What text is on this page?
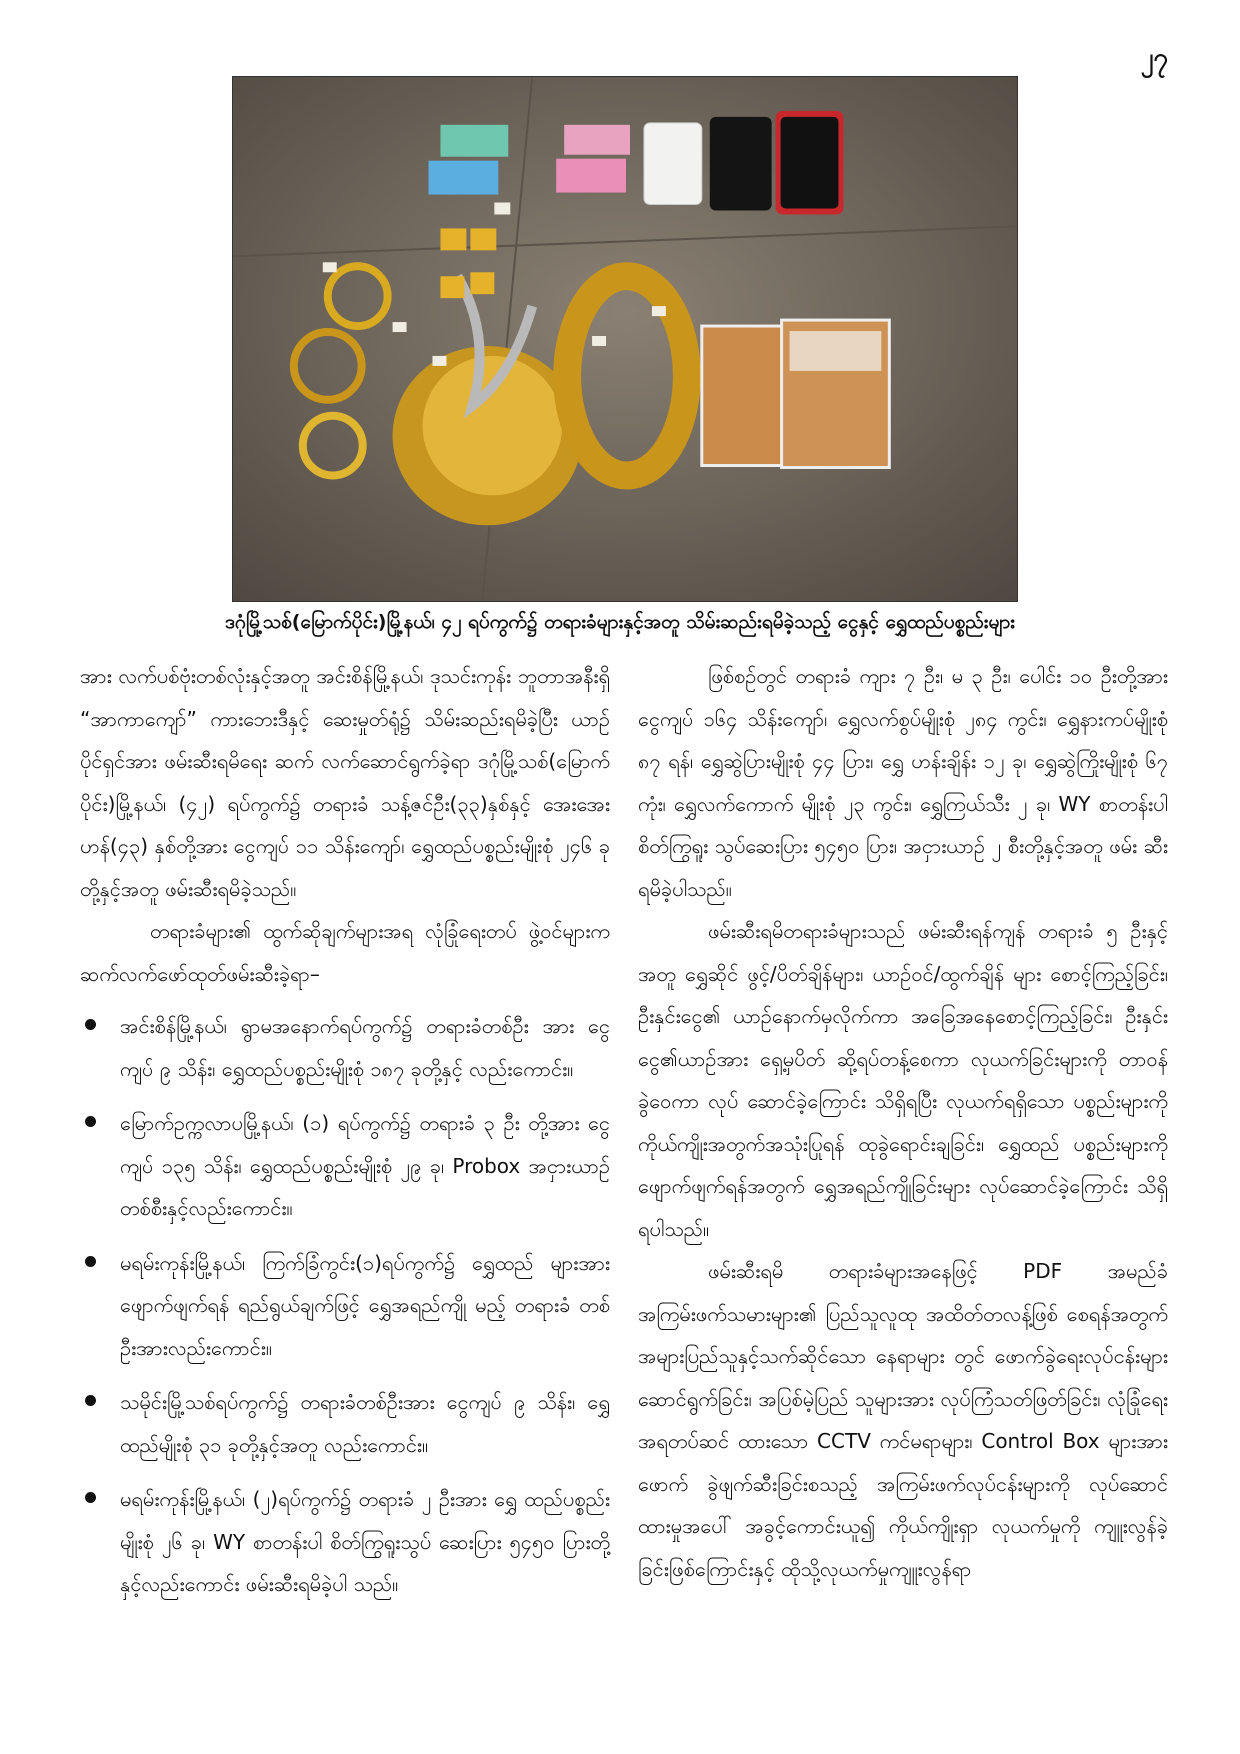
၂၇
ဒဂုံမြို့သစ်(မြောက်ပိုင်း)မြို့နယ်၊ ၄၂ ရပ်ကွက်၌ တရားခံများနှင့်အတူ သိမ်းဆည်းရမိခဲ့သည့် ငွေနှင့် ရွှေထည်ပစ္စည်းများ

အား လက်ပစ်ဗုံးတစ်လုံးနှင့်အတူ အင်းစိန်မြို့နယ်၊ ဒုသင်းကုန်း ဘူတာအနီးရှိ “အာကာကျော်” ကားဘေးဒီနှင့် ဆေးမှုတ်ရုံ၌ သိမ်းဆည်းရမိခဲ့ပြီး ယာဉ်ပိုင်ရှင်အား ဖမ်းဆီးရမိရေး ဆက် လက်ဆောင်ရွက်ခဲ့ရာ ဒဂုံမြို့သစ်(မြောက်ပိုင်း)မြို့နယ်၊ (၄၂) ရပ်ကွက်၌ တရားခံ သန့်ဇင်ဦး(၃၃)နှစ်နှင့် အေးအေးဟန်(၄၃) နှစ်တို့အား ငွေကျပ် ၁၁ သိန်းကျော်၊ ရွှေထည်ပစ္စည်းမျိုးစုံ ၂၄၆ ခုတို့နှင့်အတူ ဖမ်းဆီးရမိခဲ့သည်။

တရားခံများ၏ ထွက်ဆိုချက်များအရ လုံခြုံရေးတပ် ဖွဲ့ဝင်များက ဆက်လက်ဖော်ထုတ်ဖမ်းဆီးခဲ့ရာ–

အင်းစိန်မြို့နယ်၊ ရွာမအနောက်ရပ်ကွက်၌ တရားခံတစ်ဦး အား ငွေကျပ် ၉ သိန်း၊ ရွှေထည်ပစ္စည်းမျိုးစုံ ၁၈၇ ခုတို့နှင့် လည်းကောင်း။
မြောက်ဥက္ကလာပမြို့နယ်၊ (၁) ရပ်ကွက်၌ တရားခံ ၃ ဦး တို့အား ငွေကျပ် ၁၃၅ သိန်း၊ ရွှေထည်ပစ္စည်းမျိုးစုံ ၂၉ ခု၊ Probox အငှားယာဉ် တစ်စီးနှင့်လည်းကောင်း။
မရမ်းကုန်းမြို့နယ်၊ ကြက်ခြံကွင်း(၁)ရပ်ကွက်၌ ရွှေထည် များအား ဖျောက်ဖျက်ရန် ရည်ရွယ်ချက်ဖြင့် ရွှေအရည်ကျို မည့် တရားခံ တစ်ဦးအားလည်းကောင်း။
သမိုင်းမြို့သစ်ရပ်ကွက်၌ တရားခံတစ်ဦးအား ငွေကျပ် ၉ သိန်း၊ ရွှေထည်မျိုးစုံ ၃၁ ခုတို့နှင့်အတူ လည်းကောင်း။
မရမ်းကုန်းမြို့နယ်၊ (၂)ရပ်ကွက်၌ တရားခံ ၂ ဦးအား ရွှေ ထည်ပစ္စည်းမျိုးစုံ ၂၆ ခု၊ WY စာတန်းပါ စိတ်ကြွရူးသွပ် ဆေးပြား ၅၄၅၀ ပြားတို့နှင့်လည်းကောင်း ဖမ်းဆီးရမိခဲ့ပါ သည်။

ဖြစ်စဉ်တွင် တရားခံ ကျား ၇ ဦး၊ မ ၃ ဦး၊ ပေါင်း ၁၀ ဦးတို့အား ငွေကျပ် ၁၆၄ သိန်းကျော်၊ ရွှေလက်စွပ်မျိုးစုံ ၂၈၄ ကွင်း၊ ရွှေနားကပ်မျိုးစုံ ၈၇ ရန်၊ ရွှေဆွဲပြားမျိုးစုံ ၄၄ ပြား၊ ရွှေ ဟန်းချိန်း ၁၂ ခု၊ ရွှေဆွဲကြိုးမျိုးစုံ ၆၇ ကုံး၊ ရွှေလက်ကောက် မျိုးစုံ ၂၃ ကွင်း၊ ရွှေကြယ်သီး ၂ ခု၊ WY စာတန်းပါ စိတ်ကြွရူး သွပ်ဆေးပြား ၅၄၅၀ ပြား၊ အငှားယာဉ် ၂ စီးတို့နှင့်အတူ ဖမ်း ဆီးရမိခဲ့ပါသည်။

ဖမ်းဆီးရမိတရားခံများသည် ဖမ်းဆီးရန်ကျန် တရားခံ ၅ ဦးနှင့်အတူ ရွှေဆိုင် ဖွင့်/ပိတ်ချိန်များ၊ ယာဉ်ဝင်/ထွက်ချိန် များ စောင့်ကြည့်ခြင်း၊ ဦးနှင်းငွေ၏ ယာဉ်နောက်မှလိုက်ကာ အခြေအနေစောင့်ကြည့်ခြင်း၊ ဦးနှင်းငွေ၏ယာဉ်အား ရှေ့မှပိတ် ဆို့ရပ်တန့်စေကာ လုယက်ခြင်းများကို တာဝန်ခွဲဝေကာ လုပ် ဆောင်ခဲ့ကြောင်း သိရှိရပြီး လုယက်ရရှိသော ပစ္စည်းများကို ကိုယ်ကျိုးအတွက်အသုံးပြုရန် ထုခွဲရောင်းချခြင်း၊ ရွှေထည် ပစ္စည်းများကို ဖျောက်ဖျက်ရန်အတွက် ရွှေအရည်ကျိုခြင်းများ လုပ်ဆောင်ခဲ့ကြောင်း သိရှိရပါသည်။

ဖမ်းဆီးရမိ တရားခံများအနေဖြင့် PDF အမည်ခံ အကြမ်းဖက်သမားများ၏ ပြည်သူလူထု အထိတ်တလန့်ဖြစ် စေရန်အတွက် အများပြည်သူနှင့်သက်ဆိုင်သော နေရာများ တွင် ဖောက်ခွဲရေးလုပ်ငန်းများဆောင်ရွက်ခြင်း၊ အပြစ်မဲ့ပြည် သူများအား လုပ်ကြံသတ်ဖြတ်ခြင်း၊ လုံခြုံရေးအရတပ်ဆင် ထားသော CCTV ကင်မရာများ၊ Control Box များအား ဖောက် ခွဲဖျက်ဆီးခြင်းစသည့် အကြမ်းဖက်လုပ်ငန်းများကို လုပ်ဆောင် ထားမှုအပေါ် အခွင့်ကောင်းယူ၍ ကိုယ်ကျိုးရှာ လုယက်မှုကို ကျူးလွန်ခဲ့ခြင်းဖြစ်ကြောင်းနှင့် ထိုသို့လုယက်မှုကျူးလွန်ရာ
